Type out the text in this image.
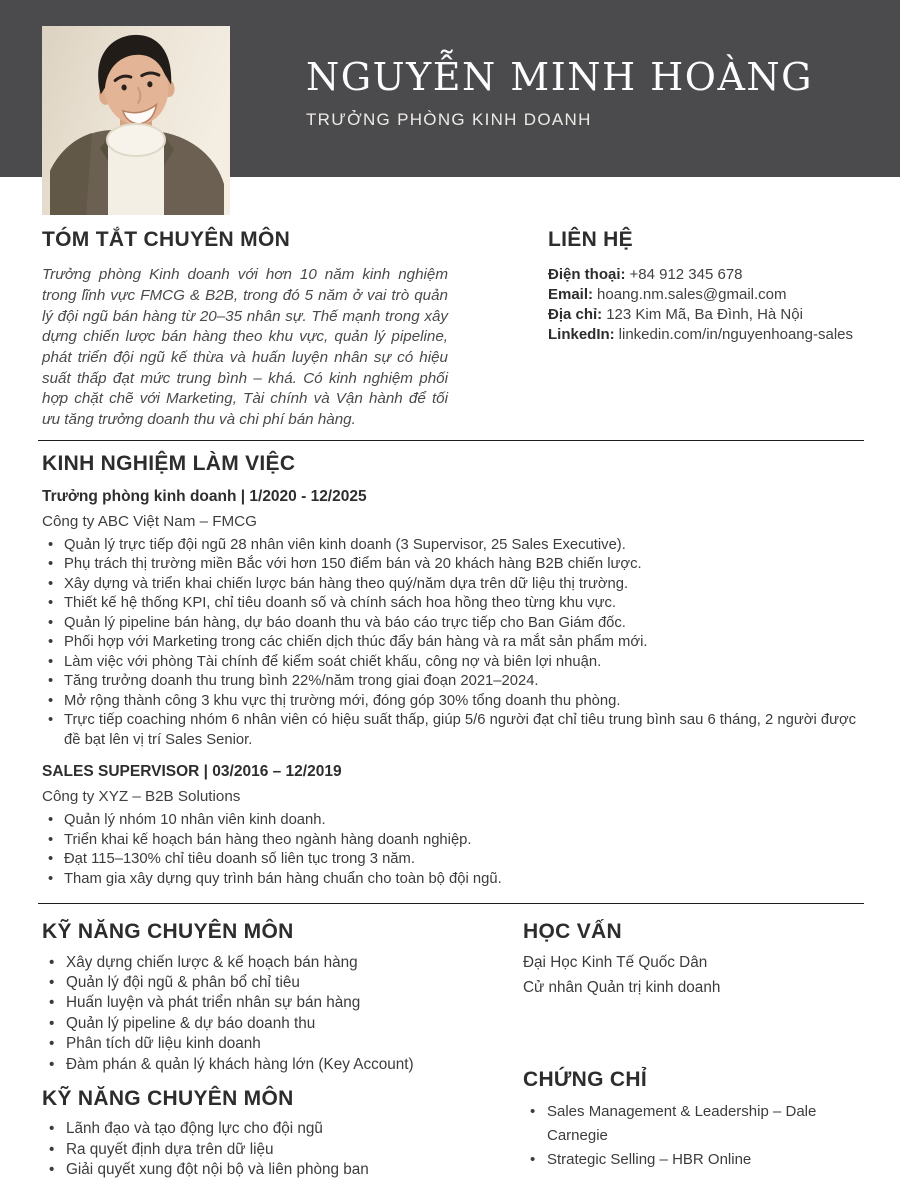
NGUYỄN MINH HOÀNG
TRƯỞNG PHÒNG KINH DOANH
TÓM TẮT CHUYÊN MÔN

Trưởng phòng Kinh doanh với hơn 10 năm kinh nghiệm trong lĩnh vực FMCG & B2B, trong đó 5 năm ở vai trò quản lý đội ngũ bán hàng từ 20–35 nhân sự. Thế mạnh trong xây dựng chiến lược bán hàng theo khu vực, quản lý pipeline, phát triển đội ngũ kế thừa và huấn luyện nhân sự có hiệu suất thấp đạt mức trung bình – khá. Có kinh nghiệm phối hợp chặt chẽ với Marketing, Tài chính và Vận hành để tối ưu tăng trưởng doanh thu và chi phí bán hàng.

LIÊN HỆ
Điện thoại: +84 912 345 678
Email: hoang.nm.sales@gmail.com
Địa chỉ: 123 Kim Mã, Ba Đình, Hà Nội
LinkedIn: linkedin.com/in/nguyenhoang-sales
KINH NGHIỆM LÀM VIỆC
Trưởng phòng kinh doanh | 1/2020 - 12/2025
Công ty ABC Việt Nam – FMCG
• Quản lý trực tiếp đội ngũ 28 nhân viên kinh doanh (3 Supervisor, 25 Sales Executive).
• Phụ trách thị trường miền Bắc với hơn 150 điểm bán và 20 khách hàng B2B chiến lược.
• Xây dựng và triển khai chiến lược bán hàng theo quý/năm dựa trên dữ liệu thị trường.
• Thiết kế hệ thống KPI, chỉ tiêu doanh số và chính sách hoa hồng theo từng khu vực.
• Quản lý pipeline bán hàng, dự báo doanh thu và báo cáo trực tiếp cho Ban Giám đốc.
• Phối hợp với Marketing trong các chiến dịch thúc đẩy bán hàng và ra mắt sản phẩm mới.
• Làm việc với phòng Tài chính để kiểm soát chiết khấu, công nợ và biên lợi nhuận.
• Tăng trưởng doanh thu trung bình 22%/năm trong giai đoạn 2021–2024.
• Mở rộng thành công 3 khu vực thị trường mới, đóng góp 30% tổng doanh thu phòng.
• Trực tiếp coaching nhóm 6 nhân viên có hiệu suất thấp, giúp 5/6 người đạt chỉ tiêu trung bình sau 6 tháng, 2 người được đề bạt lên vị trí Sales Senior.
SALES SUPERVISOR | 03/2016 – 12/2019
Công ty XYZ – B2B Solutions
• Quản lý nhóm 10 nhân viên kinh doanh.
• Triển khai kế hoạch bán hàng theo ngành hàng doanh nghiệp.
• Đạt 115–130% chỉ tiêu doanh số liên tục trong 3 năm.
• Tham gia xây dựng quy trình bán hàng chuẩn cho toàn bộ đội ngũ.
KỸ NĂNG CHUYÊN MÔN
• Xây dựng chiến lược & kế hoạch bán hàng
• Quản lý đội ngũ & phân bổ chỉ tiêu
• Huấn luyện và phát triển nhân sự bán hàng
• Quản lý pipeline & dự báo doanh thu
• Phân tích dữ liệu kinh doanh
• Đàm phán & quản lý khách hàng lớn (Key Account)
KỸ NĂNG CHUYÊN MÔN
• Lãnh đạo và tạo động lực cho đội ngũ
• Ra quyết định dựa trên dữ liệu
• Giải quyết xung đột nội bộ và liên phòng ban
HỌC VẤN

Đại Học Kinh Tế Quốc Dân

Cử nhân Quản trị kinh doanh

CHỨNG CHỈ
• Sales Management & Leadership – Dale Carnegie
• Strategic Selling – HBR Online
